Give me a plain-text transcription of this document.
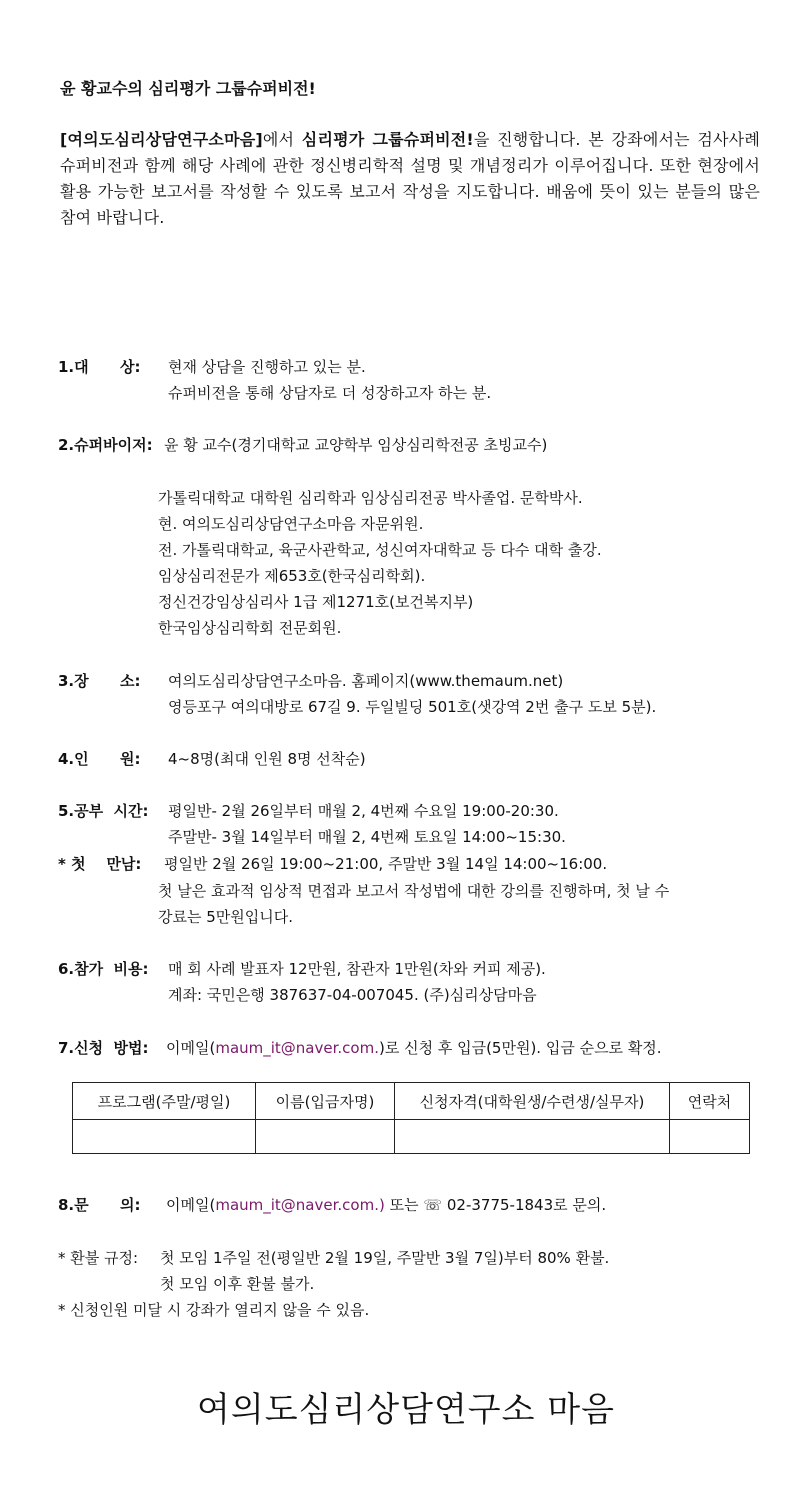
윤 황교수의 심리평가 그룹슈퍼비전!
[여의도심리상담연구소마음]에서 심리평가 그룹슈퍼비전!을 진행합니다. 본 강좌에서는 검사사례 슈퍼비전과 함께 해당 사례에 관한 정신병리학적 설명 및 개념정리가 이루어집니다. 또한 현장에서 활용 가능한 보고서를 작성할 수 있도록 보고서 작성을 지도합니다. 배움에 뜻이 있는 분들의 많은 참여 바랍니다.
1.대      상: 현재 상담을 진행하고 있는 분.
슈퍼비전을 통해 상담자로 더 성장하고자 하는 분.
2.슈퍼바이저: 윤 황 교수(경기대학교 교양학부 임상심리학전공 초빙교수)
가톨릭대학교 대학원 심리학과 임상심리전공 박사졸업. 문학박사.
현. 여의도심리상담연구소마음 자문위원.
전. 가톨릭대학교, 육군사관학교, 성신여자대학교 등 다수 대학 출강.
임상심리전문가 제653호(한국심리학회).
정신건강임상심리사 1급 제1271호(보건복지부)
한국임상심리학회 전문회원.
3.장      소: 여의도심리상담연구소마음. 홈페이지(www.themaum.net)
영등포구 여의대방로 67길 9. 두일빌딩 501호(샛강역 2번 출구 도보 5분).
4.인      원: 4~8명(최대 인원 8명 선착순)
5.공부  시간: 평일반- 2월 26일부터 매월 2, 4번째 수요일 19:00-20:30.
주말반- 3월 14일부터 매월 2, 4번째 토요일 14:00~15:30.
* 첫    만남: 평일반 2월 26일 19:00~21:00, 주말반 3월 14일 14:00~16:00.
첫 날은 효과적 임상적 면접과 보고서 작성법에 대한 강의를 진행하며, 첫 날 수
강료는 5만원입니다.
6.참가  비용: 매 회 사례 발표자 12만원, 참관자 1만원(차와 커피 제공).
계좌: 국민은행 387637-04-007045. (주)심리상담마음
7.신청  방법: 이메일(maum_it@naver.com.)로 신청 후 입금(5만원). 입금 순으로 확정.
프로그램(주말/평일)	이름(입금자명)	신청자격(대학원생/수련생/실무자)	연락처

8.문      의: 이메일(maum_it@naver.com.) 또는 ☏ 02-3775-1843로 문의.
* 환불 규정: 첫 모임 1주일 전(평일반 2월 19일, 주말반 3월 7일)부터 80% 환불.
첫 모임 이후 환불 불가.
* 신청인원 미달 시 강좌가 열리지 않을 수 있음.
여의도심리상담연구소 마음
